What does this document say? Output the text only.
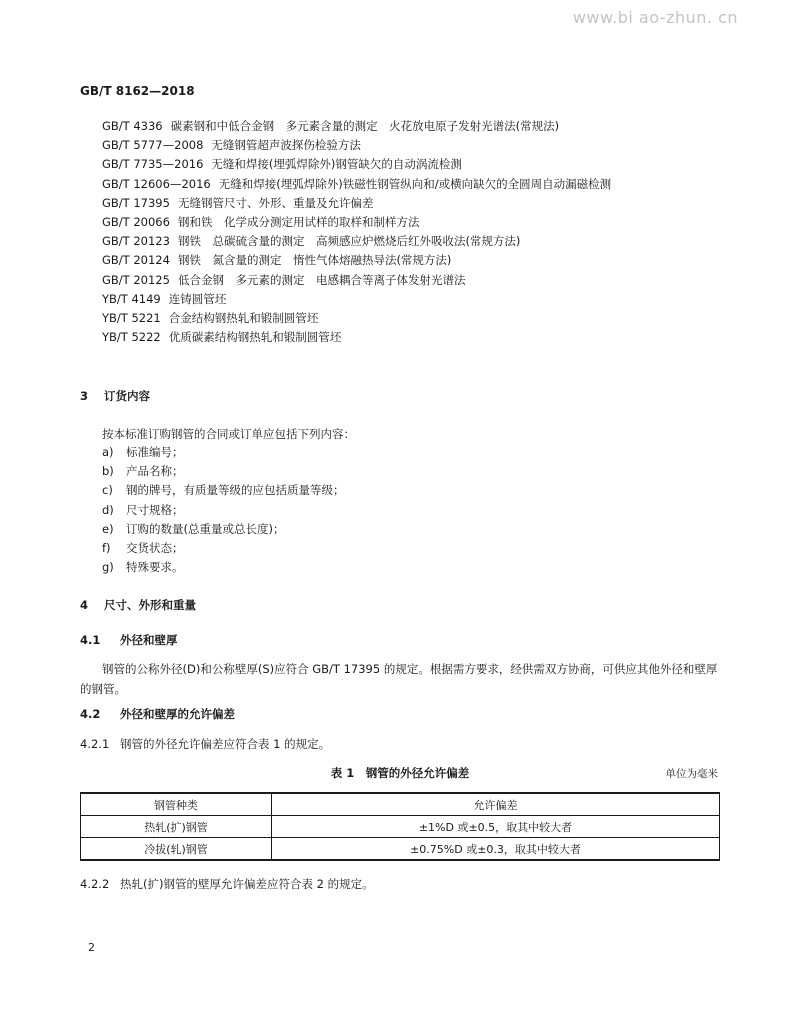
www.bi ao-zhun. cn
GB/T 8162—2018
GB/T 4336 碳素钢和中低合金钢　多元素含量的测定　火花放电原子发射光谱法(常规法)
GB/T 5777—2008 无缝钢管超声波探伤检验方法
GB/T 7735—2016 无缝和焊接(埋弧焊除外)钢管缺欠的自动涡流检测
GB/T 12606—2016 无缝和焊接(埋弧焊除外)铁磁性钢管纵向和/或横向缺欠的全圆周自动漏磁检测
GB/T 17395 无缝钢管尺寸、外形、重量及允许偏差
GB/T 20066 钢和铁　化学成分测定用试样的取样和制样方法
GB/T 20123 钢铁　总碳硫含量的测定　高频感应炉燃烧后红外吸收法(常规方法)
GB/T 20124 钢铁　氮含量的测定　惰性气体熔融热导法(常规方法)
GB/T 20125 低合金钢　多元素的测定　电感耦合等离子体发射光谱法
YB/T 4149 连铸圆管坯
YB/T 5221 合金结构钢热轧和锻制圆管坯
YB/T 5222 优质碳素结构钢热轧和锻制圆管坯
3 订货内容
按本标准订购钢管的合同或订单应包括下列内容：
a) 标准编号；
b) 产品名称；
c) 钢的牌号，有质量等级的应包括质量等级；
d) 尺寸规格；
e) 订购的数量(总重量或总长度)；
f) 交货状态；
g) 特殊要求。
4 尺寸、外形和重量
4.1 外径和壁厚
钢管的公称外径(D)和公称壁厚(S)应符合 GB/T 17395 的规定。根据需方要求，经供需双方协商，可供应其他外径和壁厚的钢管。
4.2 外径和壁厚的允许偏差
4.2.1 钢管的外径允许偏差应符合表 1 的规定。
表 1　钢管的外径允许偏差	单位为毫米
钢管种类	允许偏差
热轧(扩)钢管	±1%D 或±0.5，取其中较大者
冷拔(轧)钢管	±0.75%D 或±0.3，取其中较大者
4.2.2 热轧(扩)钢管的壁厚允许偏差应符合表 2 的规定。
2
